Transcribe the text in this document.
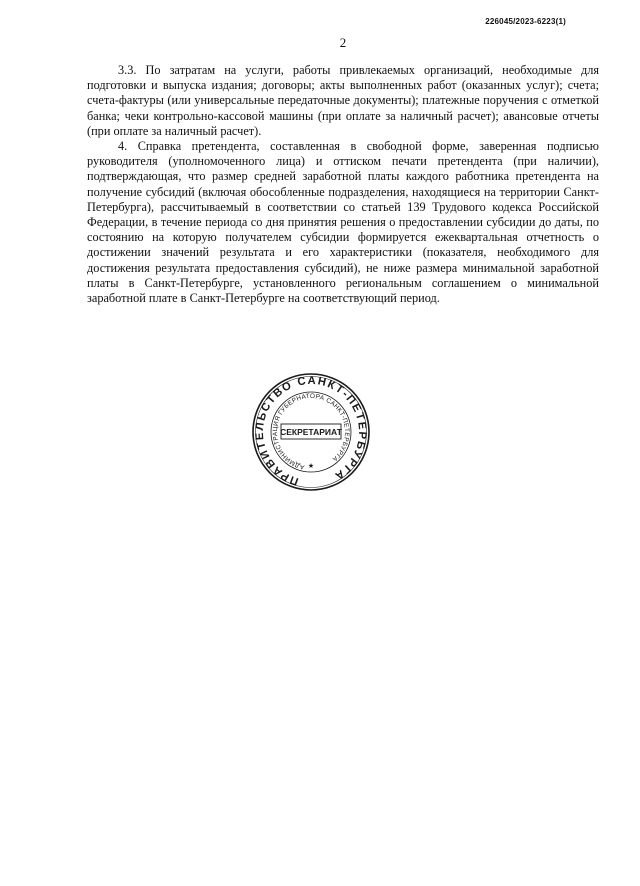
226045/2023-6223(1)
2

3.3. По затратам на услуги, работы привлекаемых организаций, необходимые для подготовки и выпуска издания; договоры; акты выполненных работ (оказанных услуг); счета; счета-фактуры (или универсальные передаточные документы); платежные поручения с отметкой банка; чеки контрольно-кассовой машины (при оплате за наличный расчет); авансовые отчеты (при оплате за наличный расчет).

4. Справка претендента, составленная в свободной форме, заверенная подписью руководителя (уполномоченного лица) и оттиском печати претендента (при наличии), подтверждающая, что размер средней заработной платы каждого работника претендента на получение субсидий (включая обособленные подразделения, находящиеся на территории Санкт-Петербурга), рассчитываемый в соответствии со статьей 139 Трудового кодекса Российской Федерации, в течение периода со дня принятия решения о предоставлении субсидии до даты, по состоянию на которую получателем субсидии формируется ежеквартальная отчетность о достижении значений результата и его характеристики (показателя, необходимого для достижения результата предоставления субсидий), не ниже размера минимальной заработной платы в Санкт-Петербурге, установленного региональным соглашением о минимальной заработной плате в Санкт-Петербурге на соответствующий период.

ПРАВИТЕЛЬСТВО САНКТ-ПЕТЕРБУРГА
АДМИНИСТРАЦИЯ ГУБЕРНАТОРА САНКТ-ПЕТЕРБУРГА
СЕКРЕТАРИАТ
★
